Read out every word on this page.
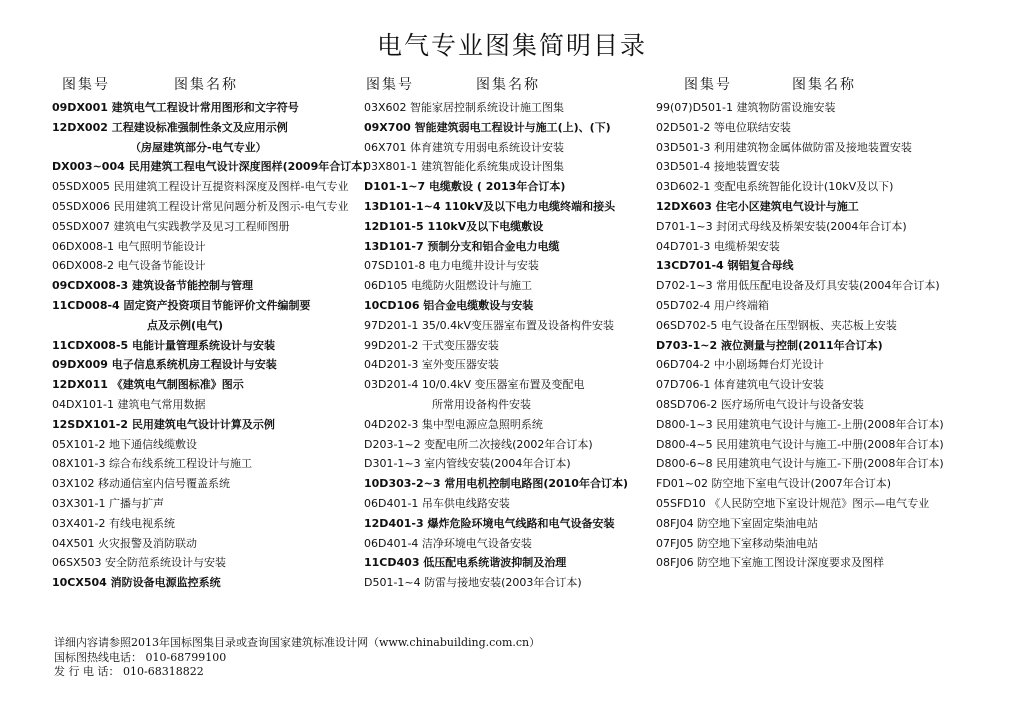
电气专业图集简明目录
图集号	图集名称
09DX001 建筑电气工程设计常用图形和文字符号
12DX002 工程建设标准强制性条文及应用示例
（房屋建筑部分-电气专业）
DX003~004 民用建筑工程电气设计深度图样(2009年合订本)
05SDX005 民用建筑工程设计互提资料深度及图样-电气专业
05SDX006 民用建筑工程设计常见问题分析及图示-电气专业
05SDX007 建筑电气实践教学及见习工程师图册
06DX008-1 电气照明节能设计
06DX008-2 电气设备节能设计
09CDX008-3 建筑设备节能控制与管理
11CD008-4 固定资产投资项目节能评价文件编制要
点及示例(电气)
11CDX008-5 电能计量管理系统设计与安装
09DX009 电子信息系统机房工程设计与安装
12DX011 《建筑电气制图标准》图示
04DX101-1 建筑电气常用数据
12SDX101-2 民用建筑电气设计计算及示例
05X101-2 地下通信线缆敷设
08X101-3 综合布线系统工程设计与施工
03X102 移动通信室内信号覆盖系统
03X301-1 广播与扩声
03X401-2 有线电视系统
04X501 火灾报警及消防联动
06SX503 安全防范系统设计与安装
10CX504 消防设备电源监控系统
图集号	图集名称
03X602 智能家居控制系统设计施工图集
09X700 智能建筑弱电工程设计与施工(上)、(下)
06X701 体育建筑专用弱电系统设计安装
03X801-1 建筑智能化系统集成设计图集
D101-1~7 电缆敷设 ( 2013年合订本)
13D101-1~4 110kV及以下电力电缆终端和接头
12D101-5 110kV及以下电缆敷设
13D101-7 预制分支和铝合金电力电缆
07SD101-8 电力电缆井设计与安装
06D105 电缆防火阻燃设计与施工
10CD106 铝合金电缆敷设与安装
97D201-1 35/0.4kV变压器室布置及设备构件安装
99D201-2 干式变压器安装
04D201-3 室外变压器安装
03D201-4 10/0.4kV 变压器室布置及变配电
所常用设备构件安装
04D202-3 集中型电源应急照明系统
D203-1~2 变配电所二次接线(2002年合订本)
D301-1~3 室内管线安装(2004年合订本)
10D303-2~3 常用电机控制电路图(2010年合订本)
06D401-1 吊车供电线路安装
12D401-3 爆炸危险环境电气线路和电气设备安装
06D401-4 洁净环境电气设备安装
11CD403 低压配电系统谐波抑制及治理
D501-1~4 防雷与接地安装(2003年合订本)
图集号	图集名称
99(07)D501-1 建筑物防雷设施安装
02D501-2 等电位联结安装
03D501-3 利用建筑物金属体做防雷及接地装置安装
03D501-4 接地装置安装
03D602-1 变配电系统智能化设计(10kV及以下)
12DX603 住宅小区建筑电气设计与施工
D701-1~3 封闭式母线及桥架安装(2004年合订本)
04D701-3 电缆桥架安装
13CD701-4 钢铝复合母线
D702-1~3 常用低压配电设备及灯具安装(2004年合订本)
05D702-4 用户终端箱
06SD702-5 电气设备在压型钢板、夹芯板上安装
D703-1~2 液位测量与控制(2011年合订本)
06D704-2 中小剧场舞台灯光设计
07D706-1 体育建筑电气设计安装
08SD706-2 医疗场所电气设计与设备安装
D800-1~3 民用建筑电气设计与施工-上册(2008年合订本)
D800-4~5 民用建筑电气设计与施工-中册(2008年合订本)
D800-6~8 民用建筑电气设计与施工-下册(2008年合订本)
FD01~02 防空地下室电气设计(2007年合订本)
05SFD10 《人民防空地下室设计规范》图示—电气专业
08FJ04 防空地下室固定柴油电站
07FJ05 防空地下室移动柴油电站
08FJ06 防空地下室施工图设计深度要求及图样
详细内容请参照2013年国标图集目录或查询国家建筑标准设计网（www.chinabuilding.com.cn）
国标图热线电话： 010-68799100
发 行 电 话： 010-68318822
